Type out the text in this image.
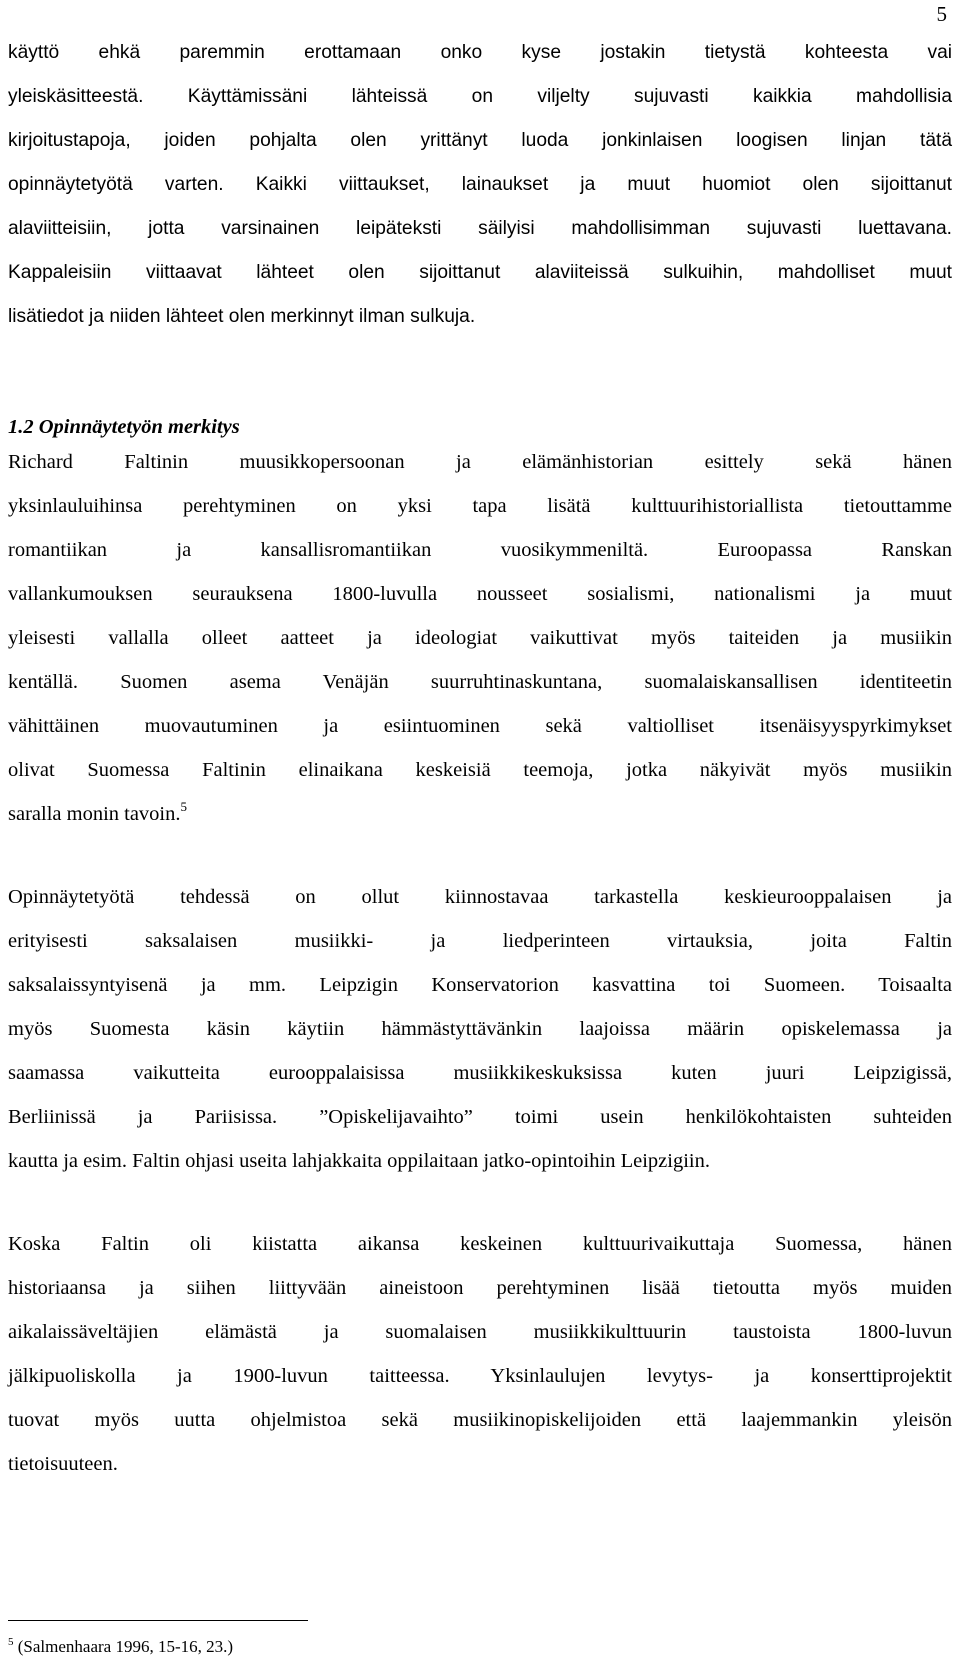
5
käyttö ehkä paremmin erottamaan onko kyse jostakin tietystä kohteesta vai
yleiskäsitteestä. Käyttämissäni lähteissä on viljelty sujuvasti kaikkia mahdollisia
kirjoitustapoja, joiden pohjalta olen yrittänyt luoda jonkinlaisen loogisen linjan tätä
opinnäytetyötä varten. Kaikki viittaukset, lainaukset ja muut huomiot olen sijoittanut
alaviitteisiin, jotta varsinainen leipäteksti säilyisi mahdollisimman sujuvasti luettavana.
Kappaleisiin viittaavat lähteet olen sijoittanut alaviiteissä sulkuihin, mahdolliset muut
lisätiedot ja niiden lähteet olen merkinnyt ilman sulkuja.
1.2 Opinnäytetyön merkitys
Richard Faltinin muusikkopersoonan ja elämänhistorian esittely sekä hänen
yksinlauluihinsa perehtyminen on yksi tapa lisätä kulttuurihistoriallista tietouttamme
romantiikan ja kansallisromantiikan vuosikymmeniltä. Euroopassa Ranskan
vallankumouksen seurauksena 1800-luvulla nousseet sosialismi, nationalismi ja muut
yleisesti vallalla olleet aatteet ja ideologiat vaikuttivat myös taiteiden ja musiikin
kentällä. Suomen asema Venäjän suurruhtinaskuntana, suomalaiskansallisen identiteetin
vähittäinen muovautuminen ja esiintuominen sekä valtiolliset itsenäisyyspyrkimykset
olivat Suomessa Faltinin elinaikana keskeisiä teemoja, jotka näkyivät myös musiikin
saralla monin tavoin.$^5$
Opinnäytetyötä tehdessä on ollut kiinnostavaa tarkastella keskieurooppalaisen ja
erityisesti saksalaisen musiikki- ja liedperinteen virtauksia, joita Faltin
saksalaissyntyisenä ja mm. Leipzigin Konservatorion kasvattina toi Suomeen. Toisaalta
myös Suomesta käsin käytiin hämmästyttävänkin laajoissa määrin opiskelemassa ja
saamassa vaikutteita eurooppalaisissa musiikkikeskuksissa kuten juuri Leipzigissä,
Berliinissä ja Pariisissa. ”Opiskelijavaihto” toimi usein henkilökohtaisten suhteiden
kautta ja esim. Faltin ohjasi useita lahjakkaita oppilaitaan jatko-opintoihin Leipzigiin.
Koska Faltin oli kiistatta aikansa keskeinen kulttuurivaikuttaja Suomessa, hänen
historiaansa ja siihen liittyvään aineistoon perehtyminen lisää tietoutta myös muiden
aikalaissäveltäjien elämästä ja suomalaisen musiikkikulttuurin taustoista 1800-luvun
jälkipuoliskolla ja 1900-luvun taitteessa. Yksinlaulujen levytys- ja konserttiprojektit
tuovat myös uutta ohjelmistoa sekä musiikinopiskelijoiden että laajemmankin yleisön
tietoisuuteen.
$^5$ (Salmenhaara 1996, 15-16, 23.)
